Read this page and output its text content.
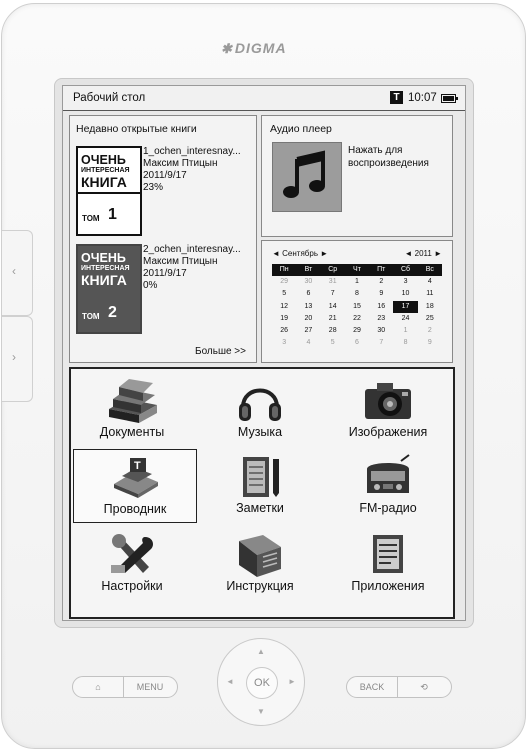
✱ DIGMA
‹
›
Рабочий стол	T 10:07
Недавно открытые книги
ОЧЕНЬ
ИНТЕРЕСНАЯ
КНИГА
ТОМ 1
1_ochen_interesnay...
Максим Птицын
2011/9/17
23%
ОЧЕНЬ
ИНТЕРЕСНАЯ
КНИГА
ТОМ 2
2_ochen_interesnay...
Максим Птицын
2011/9/17
0%
Больше >>
Аудио плеер
Нажать для воспроизведения
◄ Сентябрь ►	◄ 2011 ►
Пн	Вт	Ср	Чт	Пт	Сб	Вс
29	30	31	1	2	3	4
5	6	7	8	9	10	11
12	13	14	15	16	17	18
19	20	21	22	23	24	25
26	27	28	29	30	1	2
3	4	5	6	7	8	9
Документы	Музыка	Изображения
T
Проводник	Заметки	FM-радио
Настройки	Инструкция	Приложения
⌂	MENU
▲
▼
◄	►
OK	BACK	⟲
